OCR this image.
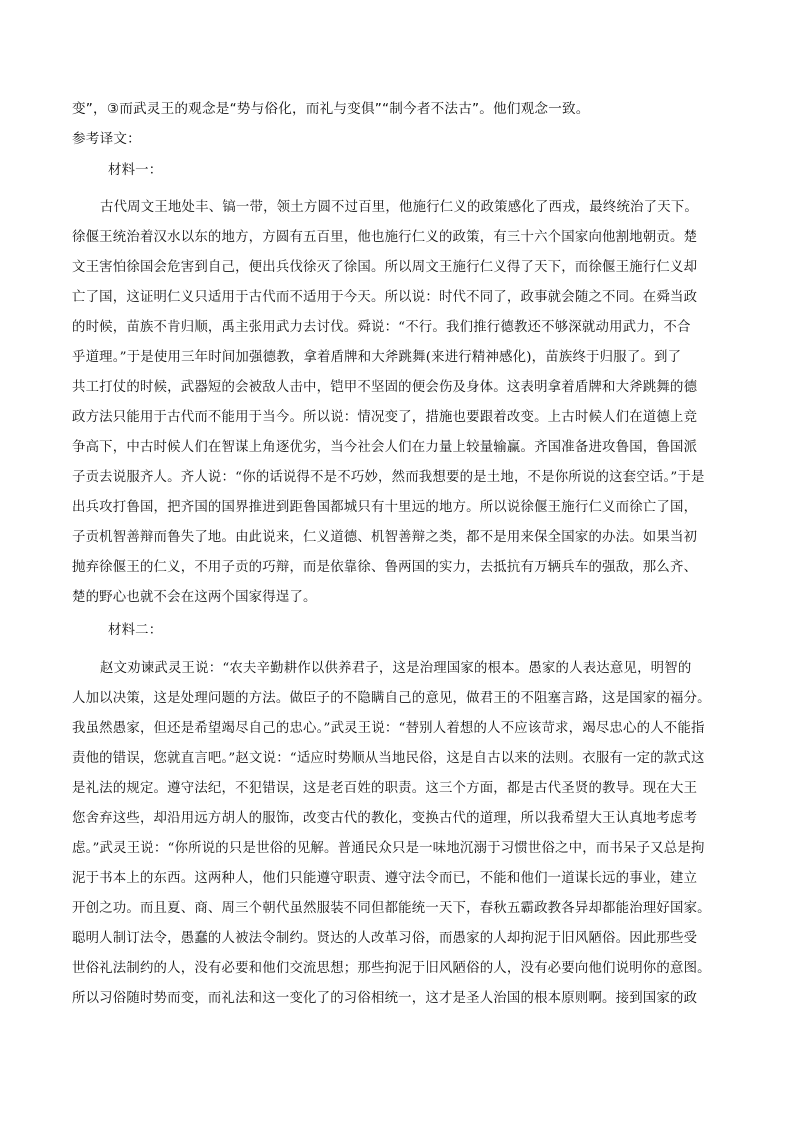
变”，③而武灵王的观念是“势与俗化，而礼与变俱”“制今者不法古”。他们观念一致。
参考译文：
材料一：
古代周文王地处丰、镐一带，领土方圆不过百里，他施行仁义的政策感化了西戎，最终统治了天下。
徐偃王统治着汉水以东的地方，方圆有五百里，他也施行仁义的政策，有三十六个国家向他割地朝贡。楚
文王害怕徐国会危害到自己，便出兵伐徐灭了徐国。所以周文王施行仁义得了天下，而徐偃王施行仁义却
亡了国，这证明仁义只适用于古代而不适用于今天。所以说：时代不同了，政事就会随之不同。在舜当政
的时候，苗族不肯归顺，禹主张用武力去讨伐。舜说：“不行。我们推行德教还不够深就动用武力，不合
乎道理。”于是使用三年时间加强德教，拿着盾牌和大斧跳舞(来进行精神感化)，苗族终于归服了。到了
共工打仗的时候，武器短的会被敌人击中，铠甲不坚固的便会伤及身体。这表明拿着盾牌和大斧跳舞的德
政方法只能用于古代而不能用于当今。所以说：情况变了，措施也要跟着改变。上古时候人们在道德上竞
争高下，中古时候人们在智谋上角逐优劣，当今社会人们在力量上较量输赢。齐国准备进攻鲁国，鲁国派
子贡去说服齐人。齐人说：“你的话说得不是不巧妙，然而我想要的是土地，不是你所说的这套空话。”于是
出兵攻打鲁国，把齐国的国界推进到距鲁国都城只有十里远的地方。所以说徐偃王施行仁义而徐亡了国，
子贡机智善辩而鲁失了地。由此说来，仁义道德、机智善辩之类，都不是用来保全国家的办法。如果当初
抛弃徐偃王的仁义，不用子贡的巧辩，而是依靠徐、鲁两国的实力，去抵抗有万辆兵车的强敌，那么齐、
楚的野心也就不会在这两个国家得逞了。
材料二：
赵文劝谏武灵王说：“农夫辛勤耕作以供养君子，这是治理国家的根本。愚家的人表达意见，明智的
人加以决策，这是处理问题的方法。做臣子的不隐瞒自己的意见，做君王的不阻塞言路，这是国家的福分。
我虽然愚家，但还是希望竭尽自己的忠心。”武灵王说：“替别人着想的人不应该苛求，竭尽忠心的人不能指
责他的错误，您就直言吧。”赵文说：“适应时势顺从当地民俗，这是自古以来的法则。衣服有一定的款式这
是礼法的规定。遵守法纪，不犯错误，这是老百姓的职责。这三个方面，都是古代圣贤的教导。现在大王
您舍弃这些，却沿用远方胡人的服饰，改变古代的教化，变换古代的道理，所以我希望大王认真地考虑考
虑。”武灵王说：“你所说的只是世俗的见解。普通民众只是一味地沉溺于习惯世俗之中，而书呆子又总是拘
泥于书本上的东西。这两种人，他们只能遵守职责、遵守法令而已，不能和他们一道谋长远的事业，建立
开创之功。而且夏、商、周三个朝代虽然服装不同但都能统一天下，春秋五霸政教各异却都能治理好国家。
聪明人制订法令，愚蠢的人被法令制约。贤达的人改革习俗，而愚家的人却拘泥于旧风陋俗。因此那些受
世俗礼法制约的人，没有必要和他们交流思想；那些拘泥于旧风陋俗的人，没有必要向他们说明你的意图。
所以习俗随时势而变，而礼法和这一变化了的习俗相统一，这才是圣人治国的根本原则啊。接到国家的政
